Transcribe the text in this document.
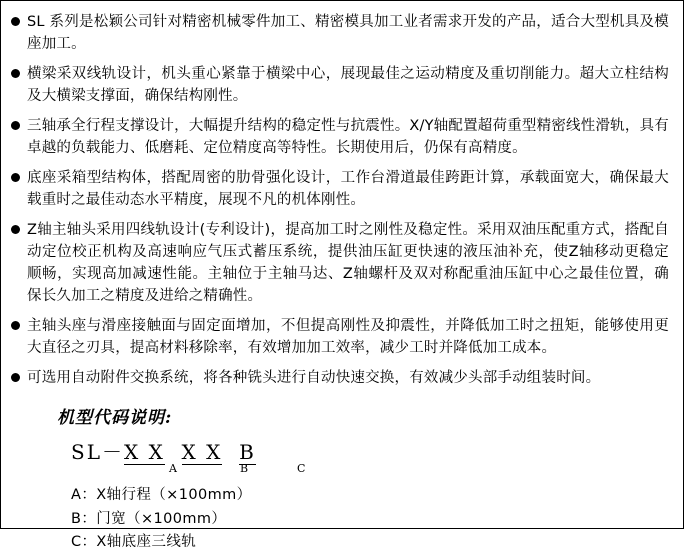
SL 系列是松颖公司针对精密机械零件加工、精密模具加工业者需求开发的产品，适合大型机具及模座加工。
横梁采双线轨设计，机头重心紧靠于横梁中心，展现最佳之运动精度及重切削能力。超大立柱结构及大横梁支撑面，确保结构刚性。
三轴承全行程支撑设计，大幅提升结构的稳定性与抗震性。X/Y轴配置超荷重型精密线性滑轨，具有卓越的负载能力、低磨耗、定位精度高等特性。长期使用后，仍保有高精度。
底座采箱型结构体，搭配周密的肋骨强化设计，工作台滑道最佳跨距计算，承载面宽大，确保最大载重时之最佳动态水平精度，展现不凡的机体刚性。
Z轴主轴头采用四线轨设计(专利设计)，提高加工时之刚性及稳定性。采用双油压配重方式，搭配自动定位校正机构及高速响应气压式蓄压系统，提供油压缸更快速的液压油补充，使Z轴移动更稳定顺畅，实现高加减速性能。主轴位于主轴马达、Z轴螺杆及双对称配重油压缸中心之最佳位置，确保长久加工之精度及进给之精确性。
主轴头座与滑座接触面与固定面增加，不但提高刚性及抑震性，并降低加工时之扭矩，能够使用更大直径之刃具，提高材料移除率，有效增加加工效率，减少工时并降低加工成本。
可选用自动附件交换系统，将各种铣头进行自动快速交换，有效减少头部手动组装时间。
机型代码说明:
SL－X X X X B
A	B	C
A：X轴行程（×100mm）
B：门宽（×100mm）
C：X轴底座三线轨
